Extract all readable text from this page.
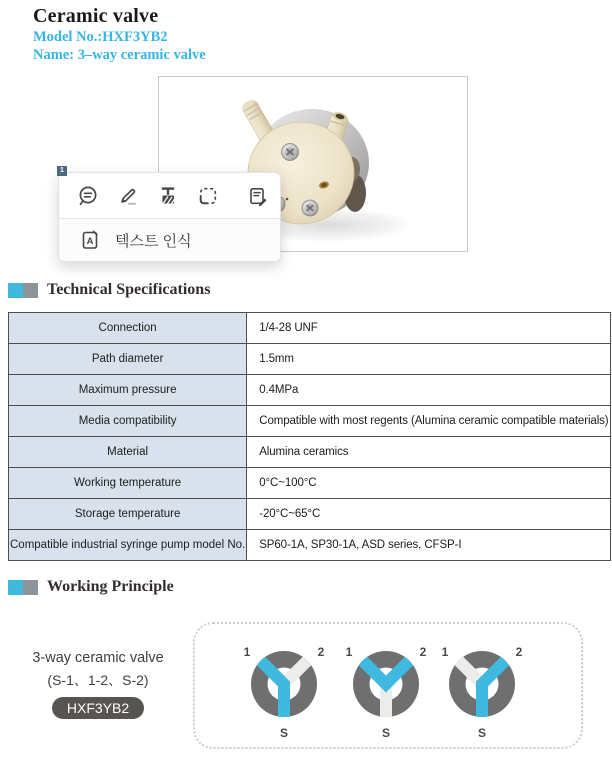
Ceramic valve
Model No.:HXF3YB2
Name: 3–way ceramic valve
1
A 텍스트 인식
Technical Specifications
Connection	1/4-28 UNF
Path diameter	1.5mm
Maximum pressure	0.4MPa
Media compatibility	Compatible with most regents (Alumina ceramic compatible materials)
Material	Alumina ceramics
Working temperature	0°C~100°C
Storage temperature	-20°C~65°C
Compatible industrial syringe pump model No.	SP60-1A, SP30-1A, ASD series, CFSP-I
Working Principle
3-way ceramic valve
(S-1、1-2、S-2)
HXF3YB2
1	2
S
1	2
S
1	2
S
